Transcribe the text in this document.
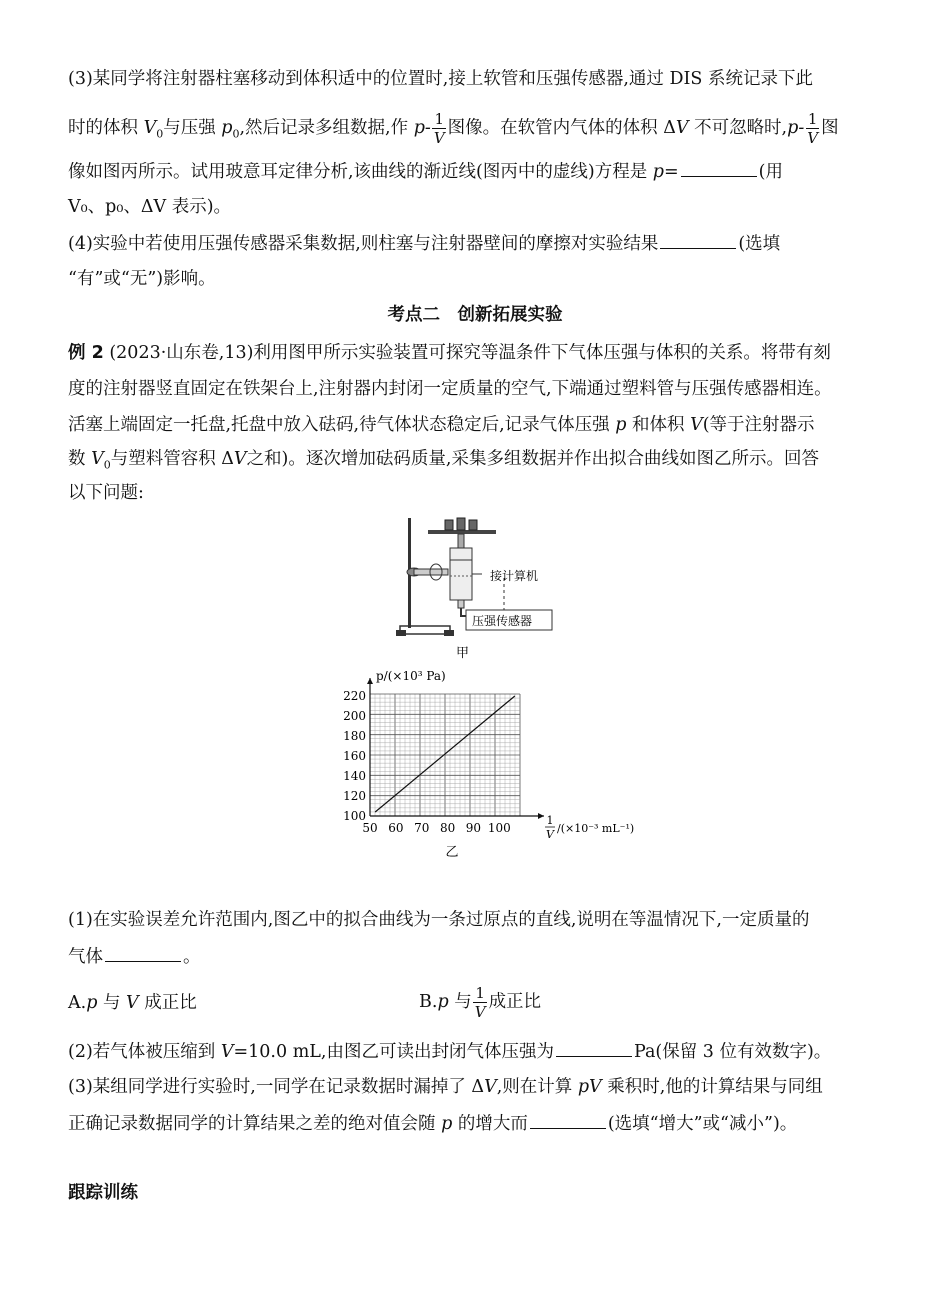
(3)某同学将注射器柱塞移动到体积适中的位置时,接上软管和压强传感器,通过 DIS 系统记录下此
时的体积 $V_0$与压强 $p_0$,然后记录多组数据,作 $p- \frac{1}{V}$ 图像。在软管内气体的体积 ΔV 不可忽略时$,p- \frac{1}{V}$ 图
像如图丙所示。试用玻意耳定律分析,该曲线的渐近线(图丙中的虚线)方程是 p=	(用
V₀、p₀、ΔV 表示)。
(4)实验中若使用压强传感器采集数据,则柱塞与注射器壁间的摩擦对实验结果	(选填
“有”或“无”)影响。
考点二　创新拓展实验
例 2 (2023·山东卷,13)利用图甲所示实验装置可探究等温条件下气体压强与体积的关系。将带有刻
度的注射器竖直固定在铁架台上,注射器内封闭一定质量的空气,下端通过塑料管与压强传感器相连。
活塞上端固定一托盘,托盘中放入砝码,待气体状态稳定后,记录气体压强 p 和体积 V(等于注射器示
数 $V_0$与塑料管容积 ΔV之和)。逐次增加砝码质量,采集多组数据并作出拟合曲线如图乙所示。回答
以下问题:
接计算机
压强传感器
甲
50 60 70 80 90 100
100
120
140
160
180
200
220
p/(×10³ Pa)
1
V /(×10⁻³ mL⁻¹)
乙
(1)在实验误差允许范围内,图乙中的拟合曲线为一条过原点的直线,说明在等温情况下,一定质量的
气体	。
A.p 与 V 成正比	B.p 与 $\frac{1}{V}$ 成正比
(2)若气体被压缩到 V=10.0 mL,由图乙可读出封闭气体压强为	Pa(保留 3 位有效数字)。
(3)某组同学进行实验时,一同学在记录数据时漏掉了 ΔV,则在计算 pV 乘积时,他的计算结果与同组
正确记录数据同学的计算结果之差的绝对值会随 p 的增大而	(选填“增大”或“减小”)。
跟踪训练
